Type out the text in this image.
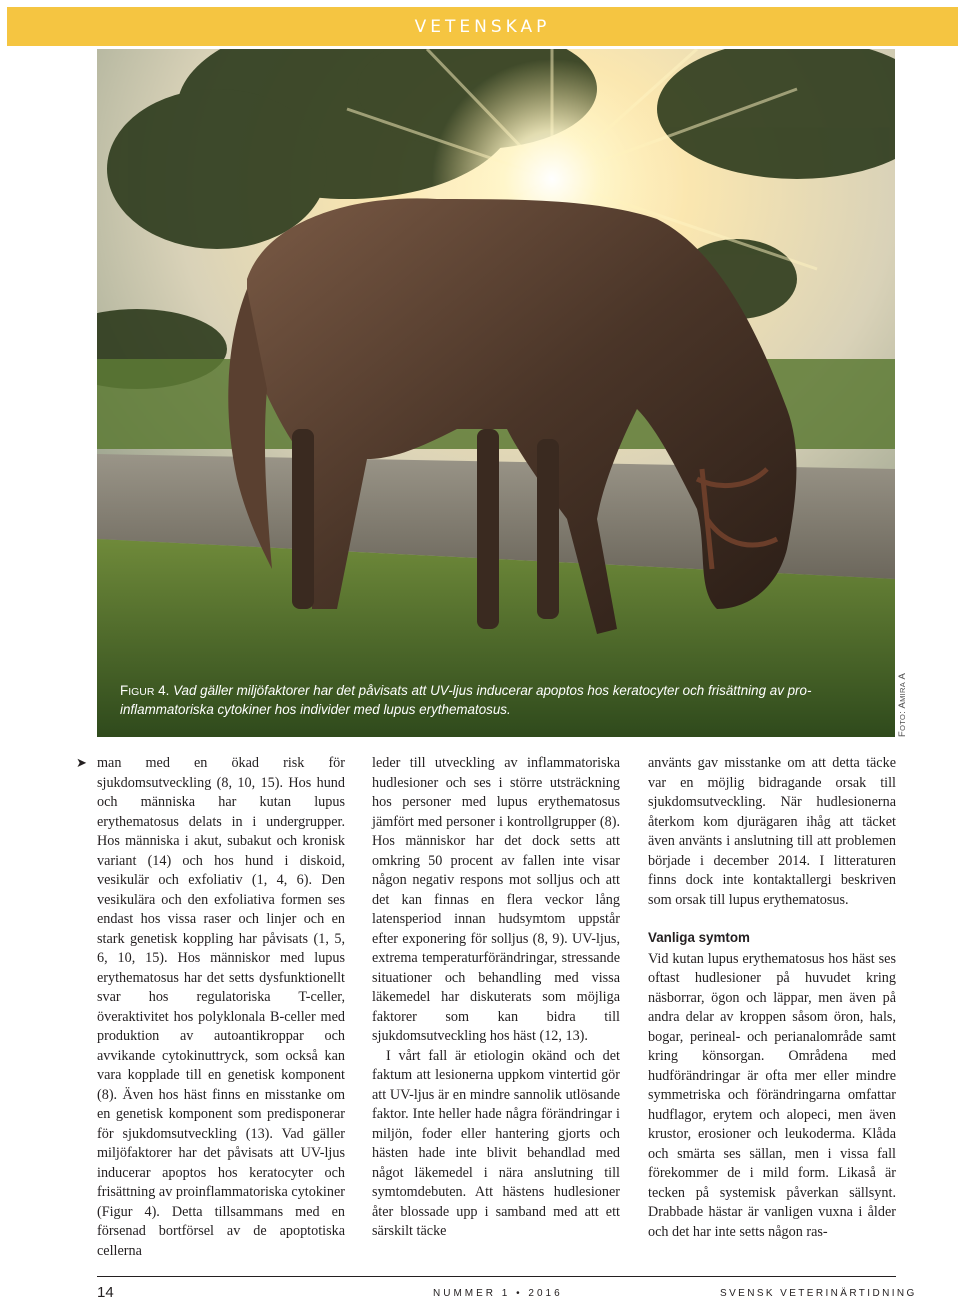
VETENSKAP
FIGUR 4. Vad gäller miljöfaktorer har det påvisats att UV-ljus inducerar apoptos hos keratocyter och frisättning av pro-
inflammatoriska cytokiner hos individer med lupus erythematosus.
FOTO: AMIRA A
➤ man med en ökad risk för sjukdomsutveckling (8, 10, 15). Hos hund och människa har kutan lupus erythematosus delats in i undergrupper. Hos människa i akut, subakut och kronisk variant (14) och hos hund i diskoid, vesikulär och exfoliativ (1, 4, 6). Den vesikulära och den exfoliativa formen ses endast hos vissa raser och linjer och en stark genetisk koppling har påvisats (1, 5, 6, 10, 15). Hos människor med lupus erythematosus har det setts dysfunktionellt svar hos regulatoriska T-celler, överaktivitet hos polyklonala B-celler med produktion av autoantikroppar och avvikande cytokinuttryck, som också kan vara kopplade till en genetisk komponent (8). Även hos häst finns en misstanke om en genetisk komponent som predisponerar för sjukdomsutveckling (13). Vad gäller miljöfaktorer har det påvisats att UV-ljus inducerar apoptos hos keratocyter och frisättning av proinflammatoriska cytokiner (Figur 4). Detta tillsammans med en försenad bortförsel av de apoptotiska cellerna

leder till utveckling av inflammatoriska hudlesioner och ses i större utsträckning hos personer med lupus erythematosus jämfört med personer i kontrollgrupper (8). Hos människor har det dock setts att omkring 50 procent av fallen inte visar någon negativ respons mot solljus och att det kan finnas en flera veckor lång latensperiod innan hudsymtom uppstår efter exponering för solljus (8, 9). UV-ljus, extrema temperaturförändringar, stressande situationer och behandling med vissa läkemedel har diskuterats som möjliga faktorer som kan bidra till sjukdomsutveckling hos häst (12, 13).

I vårt fall är etiologin okänd och det faktum att lesionerna uppkom vintertid gör att UV-ljus är en mindre sannolik utlösande faktor. Inte heller hade några förändringar i miljön, foder eller hantering gjorts och hästen hade inte blivit behandlad med något läkemedel i nära anslutning till symtomdebuten. Att hästens hudlesioner åter blossade upp i samband med att ett särskilt täcke

använts gav misstanke om att detta täcke var en möjlig bidragande orsak till sjukdomsutveckling. När hudlesionerna återkom kom djurägaren ihåg att täcket även använts i anslutning till att problemen började i december 2014. I litteraturen finns dock inte kontaktallergi beskriven som orsak till lupus erythematosus.

Vanliga symtom

Vid kutan lupus erythematosus hos häst ses oftast hudlesioner på huvudet kring näsborrar, ögon och läppar, men även på andra delar av kroppen såsom öron, hals, bogar, perineal- och perianalområde samt kring könsorgan. Områdena med hudförändringar är ofta mer eller mindre symmetriska och förändringarna omfattar hudflagor, erytem och alopeci, men även krustor, erosioner och leukoderma. Klåda och smärta ses sällan, men i vissa fall förekommer de i mild form. Likaså är tecken på systemisk påverkan sällsynt. Drabbade hästar är vanligen vuxna i ålder och det har inte setts någon ras-

14	NUMMER 1 • 2016	SVENSK VETERINÄRTIDNING
